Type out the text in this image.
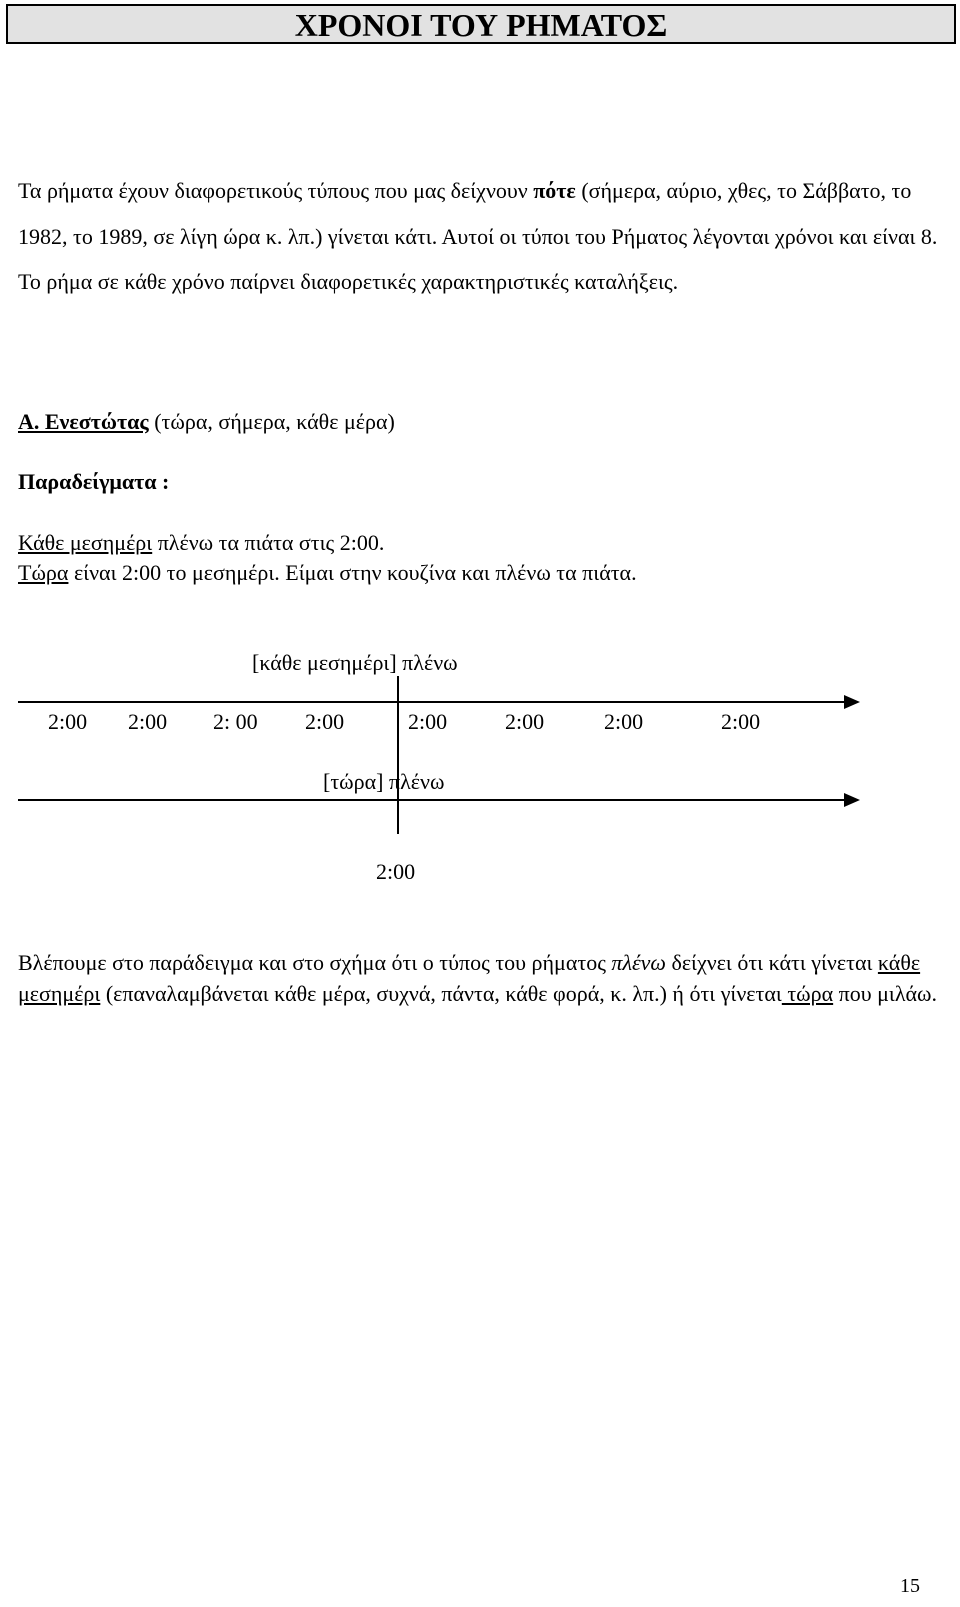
ΧΡΟΝΟΙ ΤΟΥ ΡΗΜΑΤΟΣ

Τα ρήματα έχουν διαφορετικούς τύπους που μας δείχνουν πότε (σήμερα, αύριο, χθες, το Σάββατο, το 1982, το 1989, σε λίγη ώρα κ. λπ.) γίνεται κάτι. Αυτοί οι τύποι του Ρήματος λέγονται χρόνοι και είναι 8. Το ρήμα σε κάθε χρόνο παίρνει διαφορετικές χαρακτηριστικές καταλήξεις.

Α. Ενεστώτας (τώρα, σήμερα, κάθε μέρα)
Παραδείγματα :
Κάθε μεσημέρι πλένω τα πιάτα στις 2:00.
Τώρα είναι 2:00 το μεσημέρι. Είμαι στην κουζίνα και πλένω τα πιάτα.
[κάθε μεσημέρι] πλένω
2:00 2:00 2: 00 2:00	2:00	2:00	2:00	2:00
[τώρα] πλένω
2:00

Βλέπουμε στο παράδειγμα και στο σχήμα ότι ο τύπος του ρήματος πλένω δείχνει ότι κάτι γίνεται κάθε μεσημέρι (επαναλαμβάνεται κάθε μέρα, συχνά, πάντα, κάθε φορά, κ. λπ.) ή ότι γίνεται τώρα που μιλάω.

15
